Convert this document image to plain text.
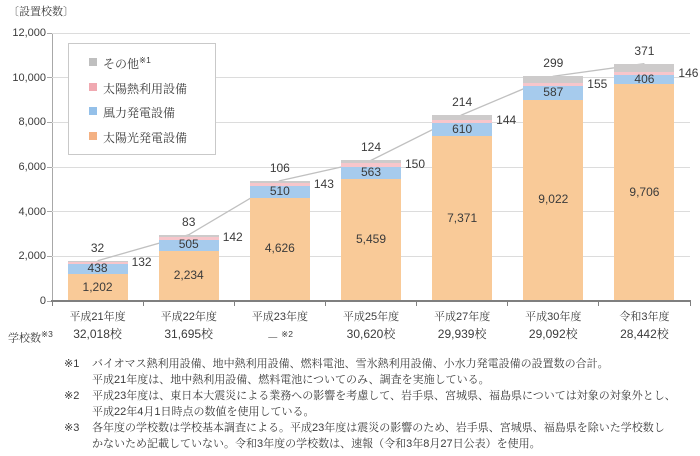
〔設置校数〕
12,000
10,000
8,000
6,000
4,000
2,000
0
1,202
438	132
32
2,234
505
142
83
4,626
510
143
106
5,459
563
150
124
7,371
610
144
214
9,022
587
155
299
9,706
406	146
371
その他$^{※1}$
太陽熱利用設備
風力発電設備
太陽光発電設備
学校数$^{※3}$
平成21年度
32,018校
平成22年度
31,695校
平成23年度
－ $^{※2}$
平成25年度
30,620校
平成27年度
29,939校
平成30年度
29,092校
令和3年度
28,442校
※1	バイオマス熱利用設備、地中熱利用設備、燃料電池、雪氷熱利用設備、小水力発電設備の設置数の合計。
平成21年度は、地中熱利用設備、燃料電池についてのみ、調査を実施している。
※2	平成23年度は、東日本大震災による業務への影響を考慮して、岩手県、宮城県、福島県については対象の対象外とし、
平成22年4月1日時点の数値を使用している。
※3	各年度の学校数は学校基本調査による。平成23年度は震災の影響のため、岩手県、宮城県、福島県を除いた学校数し
かないため記載していない。令和3年度の学校数は、速報（令和3年8月27日公表）を使用。
